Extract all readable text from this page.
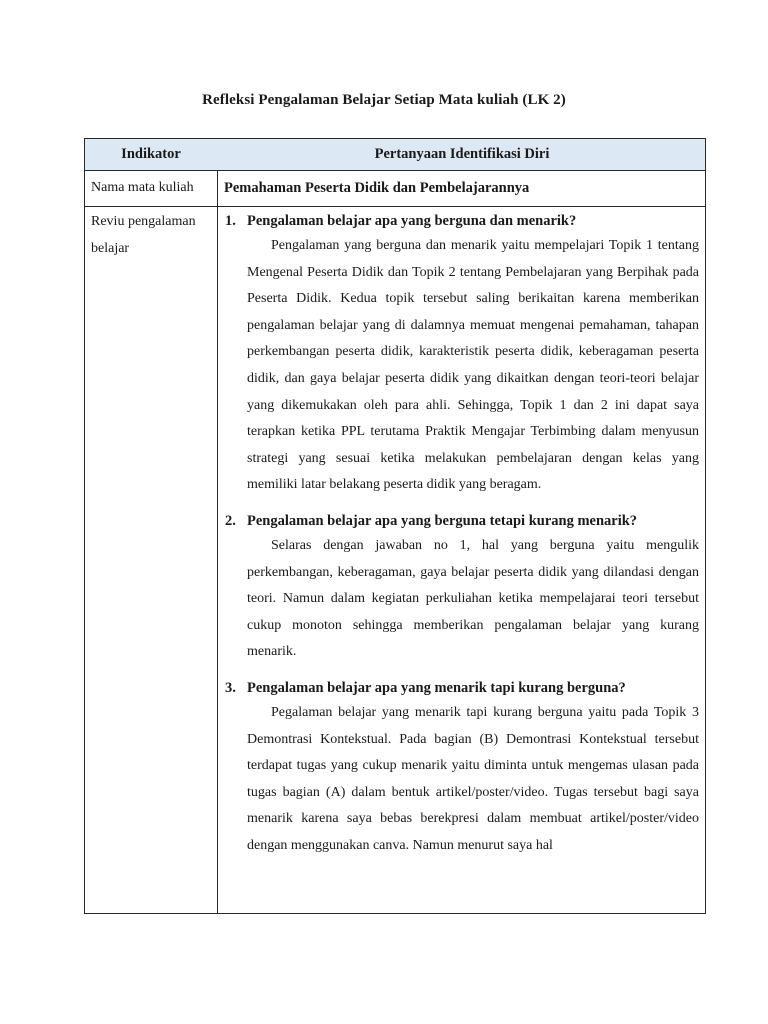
Refleksi Pengalaman Belajar Setiap Mata kuliah (LK 2)
Indikator	Pertanyaan Identifikasi Diri
Nama mata kuliah Pemahaman Peserta Didik dan Pembelajarannya
Reviu pengalaman belajar
1. Pengalaman belajar apa yang berguna dan menarik?
Pengalaman yang berguna dan menarik yaitu mempelajari Topik 1 tentang Mengenal Peserta Didik dan Topik 2 tentang Pembelajaran yang Berpihak pada Peserta Didik. Kedua topik tersebut saling berikaitan karena memberikan pengalaman belajar yang di dalamnya memuat mengenai pemahaman, tahapan perkembangan peserta didik, karakteristik peserta didik, keberagaman peserta didik, dan gaya belajar peserta didik yang dikaitkan dengan teori-teori belajar yang dikemukakan oleh para ahli. Sehingga, Topik 1 dan 2 ini dapat saya terapkan ketika PPL terutama Praktik Mengajar Terbimbing dalam menyusun strategi yang sesuai ketika melakukan pembelajaran dengan kelas yang memiliki latar belakang peserta didik yang beragam.
2. Pengalaman belajar apa yang berguna tetapi kurang menarik?
Selaras dengan jawaban no 1, hal yang berguna yaitu mengulik perkembangan, keberagaman, gaya belajar peserta didik yang dilandasi dengan teori. Namun dalam kegiatan perkuliahan ketika mempelajarai teori tersebut cukup monoton sehingga memberikan pengalaman belajar yang kurang menarik.
3. Pengalaman belajar apa yang menarik tapi kurang berguna?
Pegalaman belajar yang menarik tapi kurang berguna yaitu pada Topik 3 Demontrasi Kontekstual. Pada bagian (B) Demontrasi Kontekstual tersebut terdapat tugas yang cukup menarik yaitu diminta untuk mengemas ulasan pada tugas bagian (A) dalam bentuk artikel/poster/video. Tugas tersebut bagi saya menarik karena saya bebas berekpresi dalam membuat artikel/poster/video dengan menggunakan canva. Namun menurut saya hal
